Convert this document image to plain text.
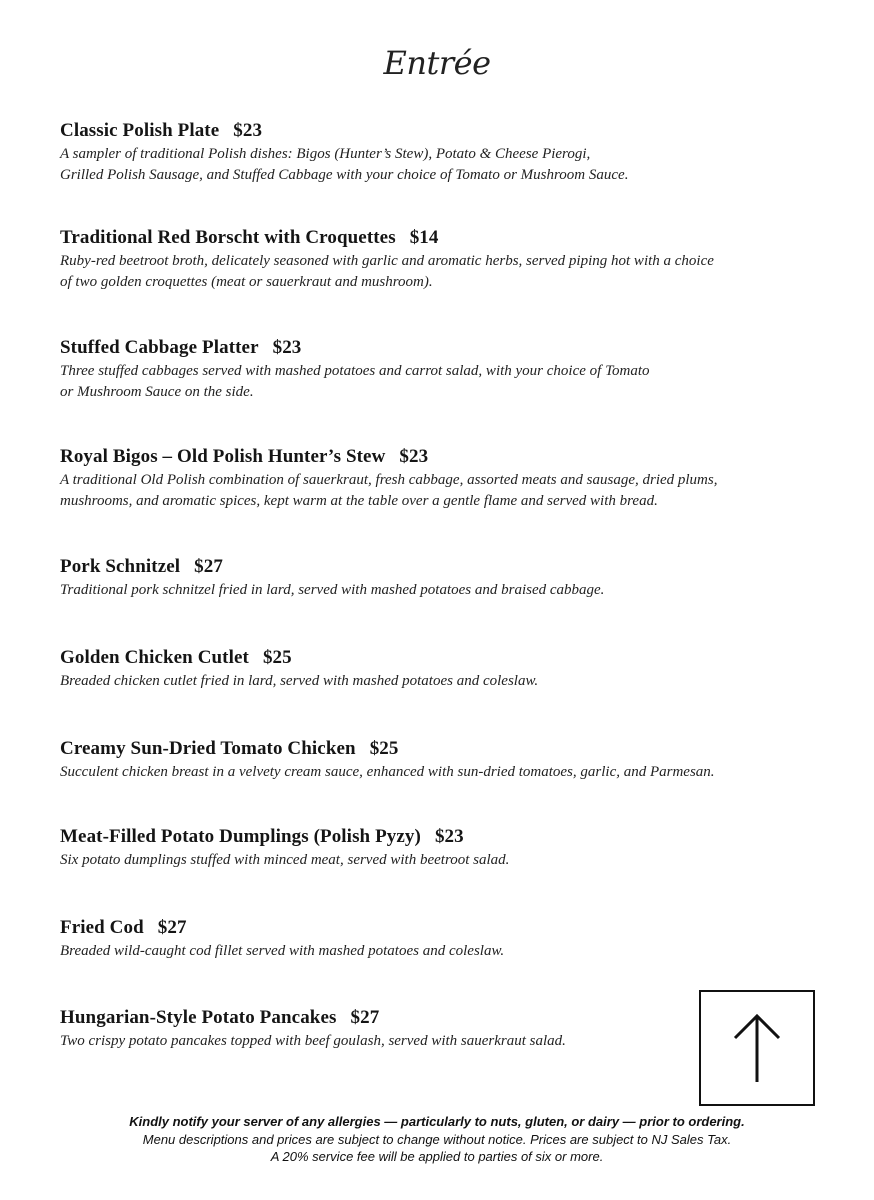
Entrée
Classic Polish Plate $23
A sampler of traditional Polish dishes: Bigos (Hunter’s Stew), Potato & Cheese Pierogi,
Grilled Polish Sausage, and Stuffed Cabbage with your choice of Tomato or Mushroom Sauce.
Traditional Red Borscht with Croquettes $14
Ruby-red beetroot broth, delicately seasoned with garlic and aromatic herbs, served piping hot with a choice
of two golden croquettes (meat or sauerkraut and mushroom).
Stuffed Cabbage Platter $23
Three stuffed cabbages served with mashed potatoes and carrot salad, with your choice of Tomato
or Mushroom Sauce on the side.
Royal Bigos – Old Polish Hunter’s Stew $23
A traditional Old Polish combination of sauerkraut, fresh cabbage, assorted meats and sausage, dried plums,
mushrooms, and aromatic spices, kept warm at the table over a gentle flame and served with bread.
Pork Schnitzel $27
Traditional pork schnitzel fried in lard, served with mashed potatoes and braised cabbage.
Golden Chicken Cutlet $25
Breaded chicken cutlet fried in lard, served with mashed potatoes and coleslaw.
Creamy Sun-Dried Tomato Chicken $25
Succulent chicken breast in a velvety cream sauce, enhanced with sun-dried tomatoes, garlic, and Parmesan.
Meat-Filled Potato Dumplings (Polish Pyzy) $23
Six potato dumplings stuffed with minced meat, served with beetroot salad.
Fried Cod $27
Breaded wild-caught cod fillet served with mashed potatoes and coleslaw.
Hungarian-Style Potato Pancakes $27
Two crispy potato pancakes topped with beef goulash, served with sauerkraut salad.
Kindly notify your server of any allergies — particularly to nuts, gluten, or dairy — prior to ordering.
Menu descriptions and prices are subject to change without notice. Prices are subject to NJ Sales Tax.
A 20% service fee will be applied to parties of six or more.
